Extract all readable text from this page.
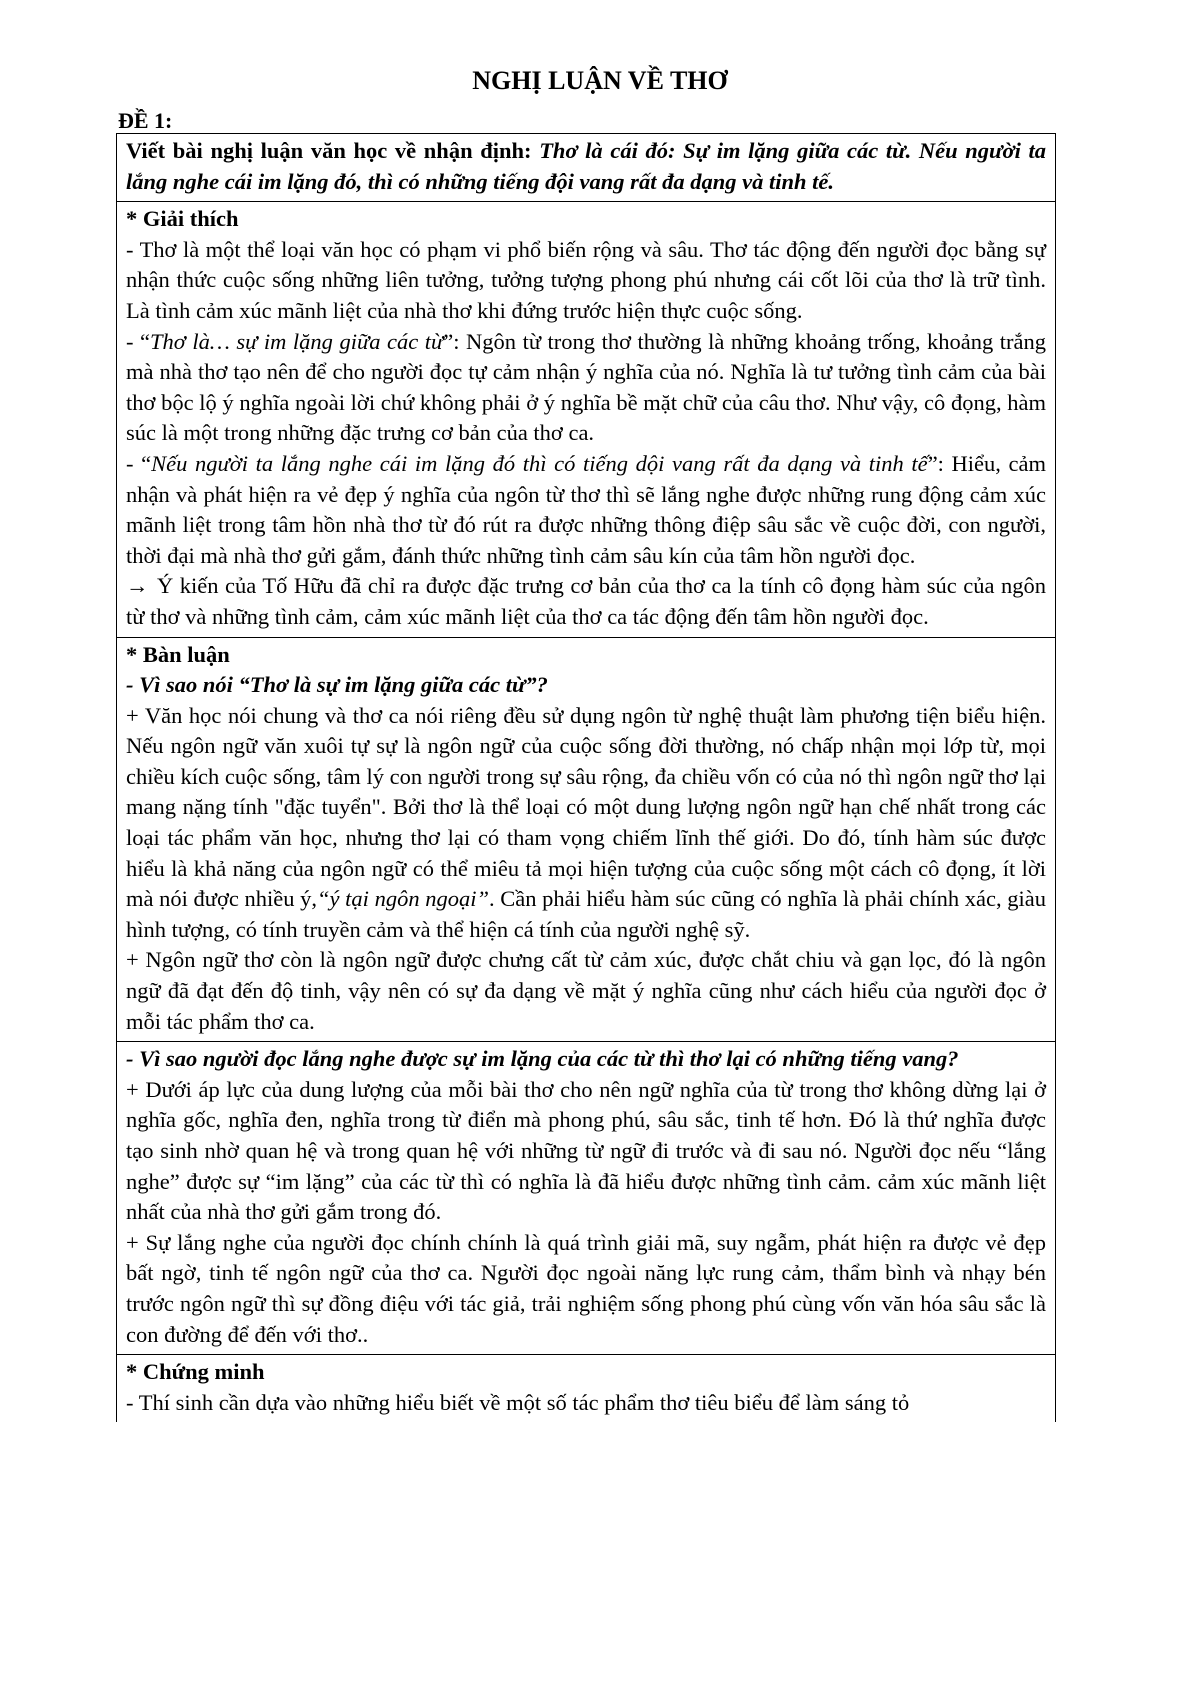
NGHỊ LUẬN VỀ THƠ
ĐỀ 1:

Viết bài nghị luận văn học về nhận định: Thơ là cái đó: Sự im lặng giữa các từ. Nếu người ta lắng nghe cái im lặng đó, thì có những tiếng đội vang rất đa dạng và tinh tế.

* Giải thích

- Thơ là một thể loại văn học có phạm vi phổ biến rộng và sâu. Thơ tác động đến người đọc bằng sự nhận thức cuộc sống những liên tưởng, tưởng tượng phong phú nhưng cái cốt lõi của thơ là trữ tình. Là tình cảm xúc mãnh liệt của nhà thơ khi đứng trước hiện thực cuộc sống.

- “Thơ là… sự im lặng giữa các từ”: Ngôn từ trong thơ thường là những khoảng trống, khoảng trắng mà nhà thơ tạo nên để cho người đọc tự cảm nhận ý nghĩa của nó. Nghĩa là tư tưởng tình cảm của bài thơ bộc lộ ý nghĩa ngoài lời chứ không phải ở ý nghĩa bề mặt chữ của câu thơ. Như vậy, cô đọng, hàm súc là một trong những đặc trưng cơ bản của thơ ca.

- “Nếu người ta lắng nghe cái im lặng đó thì có tiếng dội vang rất đa dạng và tinh tế”: Hiểu, cảm nhận và phát hiện ra vẻ đẹp ý nghĩa của ngôn từ thơ thì sẽ lắng nghe được những rung động cảm xúc mãnh liệt trong tâm hồn nhà thơ từ đó rút ra được những thông điệp sâu sắc về cuộc đời, con người, thời đại mà nhà thơ gửi gắm, đánh thức những tình cảm sâu kín của tâm hồn người đọc.

→ Ý kiến của Tố Hữu đã chỉ ra được đặc trưng cơ bản của thơ ca la tính cô đọng hàm súc của ngôn từ thơ và những tình cảm, cảm xúc mãnh liệt của thơ ca tác động đến tâm hồn người đọc.

* Bàn luận

- Vì sao nói “Thơ là sự im lặng giữa các từ”?

+ Văn học nói chung và thơ ca nói riêng đều sử dụng ngôn từ nghệ thuật làm phương tiện biểu hiện. Nếu ngôn ngữ văn xuôi tự sự là ngôn ngữ của cuộc sống đời thường, nó chấp nhận mọi lớp từ, mọi chiều kích cuộc sống, tâm lý con người trong sự sâu rộng, đa chiều vốn có của nó thì ngôn ngữ thơ lại mang nặng tính "đặc tuyển". Bởi thơ là thể loại có một dung lượng ngôn ngữ hạn chế nhất trong các loại tác phẩm văn học, nhưng thơ lại có tham vọng chiếm lĩnh thế giới. Do đó, tính hàm súc được hiểu là khả năng của ngôn ngữ có thể miêu tả mọi hiện tượng của cuộc sống một cách cô đọng, ít lời mà nói được nhiều ý,“ý tại ngôn ngoại”. Cần phải hiểu hàm súc cũng có nghĩa là phải chính xác, giàu hình tượng, có tính truyền cảm và thể hiện cá tính của người nghệ sỹ.

+ Ngôn ngữ thơ còn là ngôn ngữ được chưng cất từ cảm xúc, được chắt chiu và gạn lọc, đó là ngôn ngữ đã đạt đến độ tinh, vậy nên có sự đa dạng về mặt ý nghĩa cũng như cách hiểu của người đọc ở mỗi tác phẩm thơ ca.

- Vì sao người đọc lắng nghe được sự im lặng của các từ thì thơ lại có những tiếng vang?

+ Dưới áp lực của dung lượng của mỗi bài thơ cho nên ngữ nghĩa của từ trong thơ không dừng lại ở nghĩa gốc, nghĩa đen, nghĩa trong từ điển mà phong phú, sâu sắc, tinh tế hơn. Đó là thứ nghĩa được tạo sinh nhờ quan hệ và trong quan hệ với những từ ngữ đi trước và đi sau nó. Người đọc nếu “lắng nghe” được sự “im lặng” của các từ thì có nghĩa là đã hiểu được những tình cảm. cảm xúc mãnh liệt nhất của nhà thơ gửi gắm trong đó.

+ Sự lắng nghe của người đọc chính chính là quá trình giải mã, suy ngẫm, phát hiện ra được vẻ đẹp bất ngờ, tinh tế ngôn ngữ của thơ ca. Người đọc ngoài năng lực rung cảm, thẩm bình và nhạy bén trước ngôn ngữ thì sự đồng điệu với tác giả, trải nghiệm sống phong phú cùng vốn văn hóa sâu sắc là con đường để đến với thơ..

* Chứng minh

- Thí sinh cần dựa vào những hiểu biết về một số tác phẩm thơ tiêu biểu để làm sáng tỏ
